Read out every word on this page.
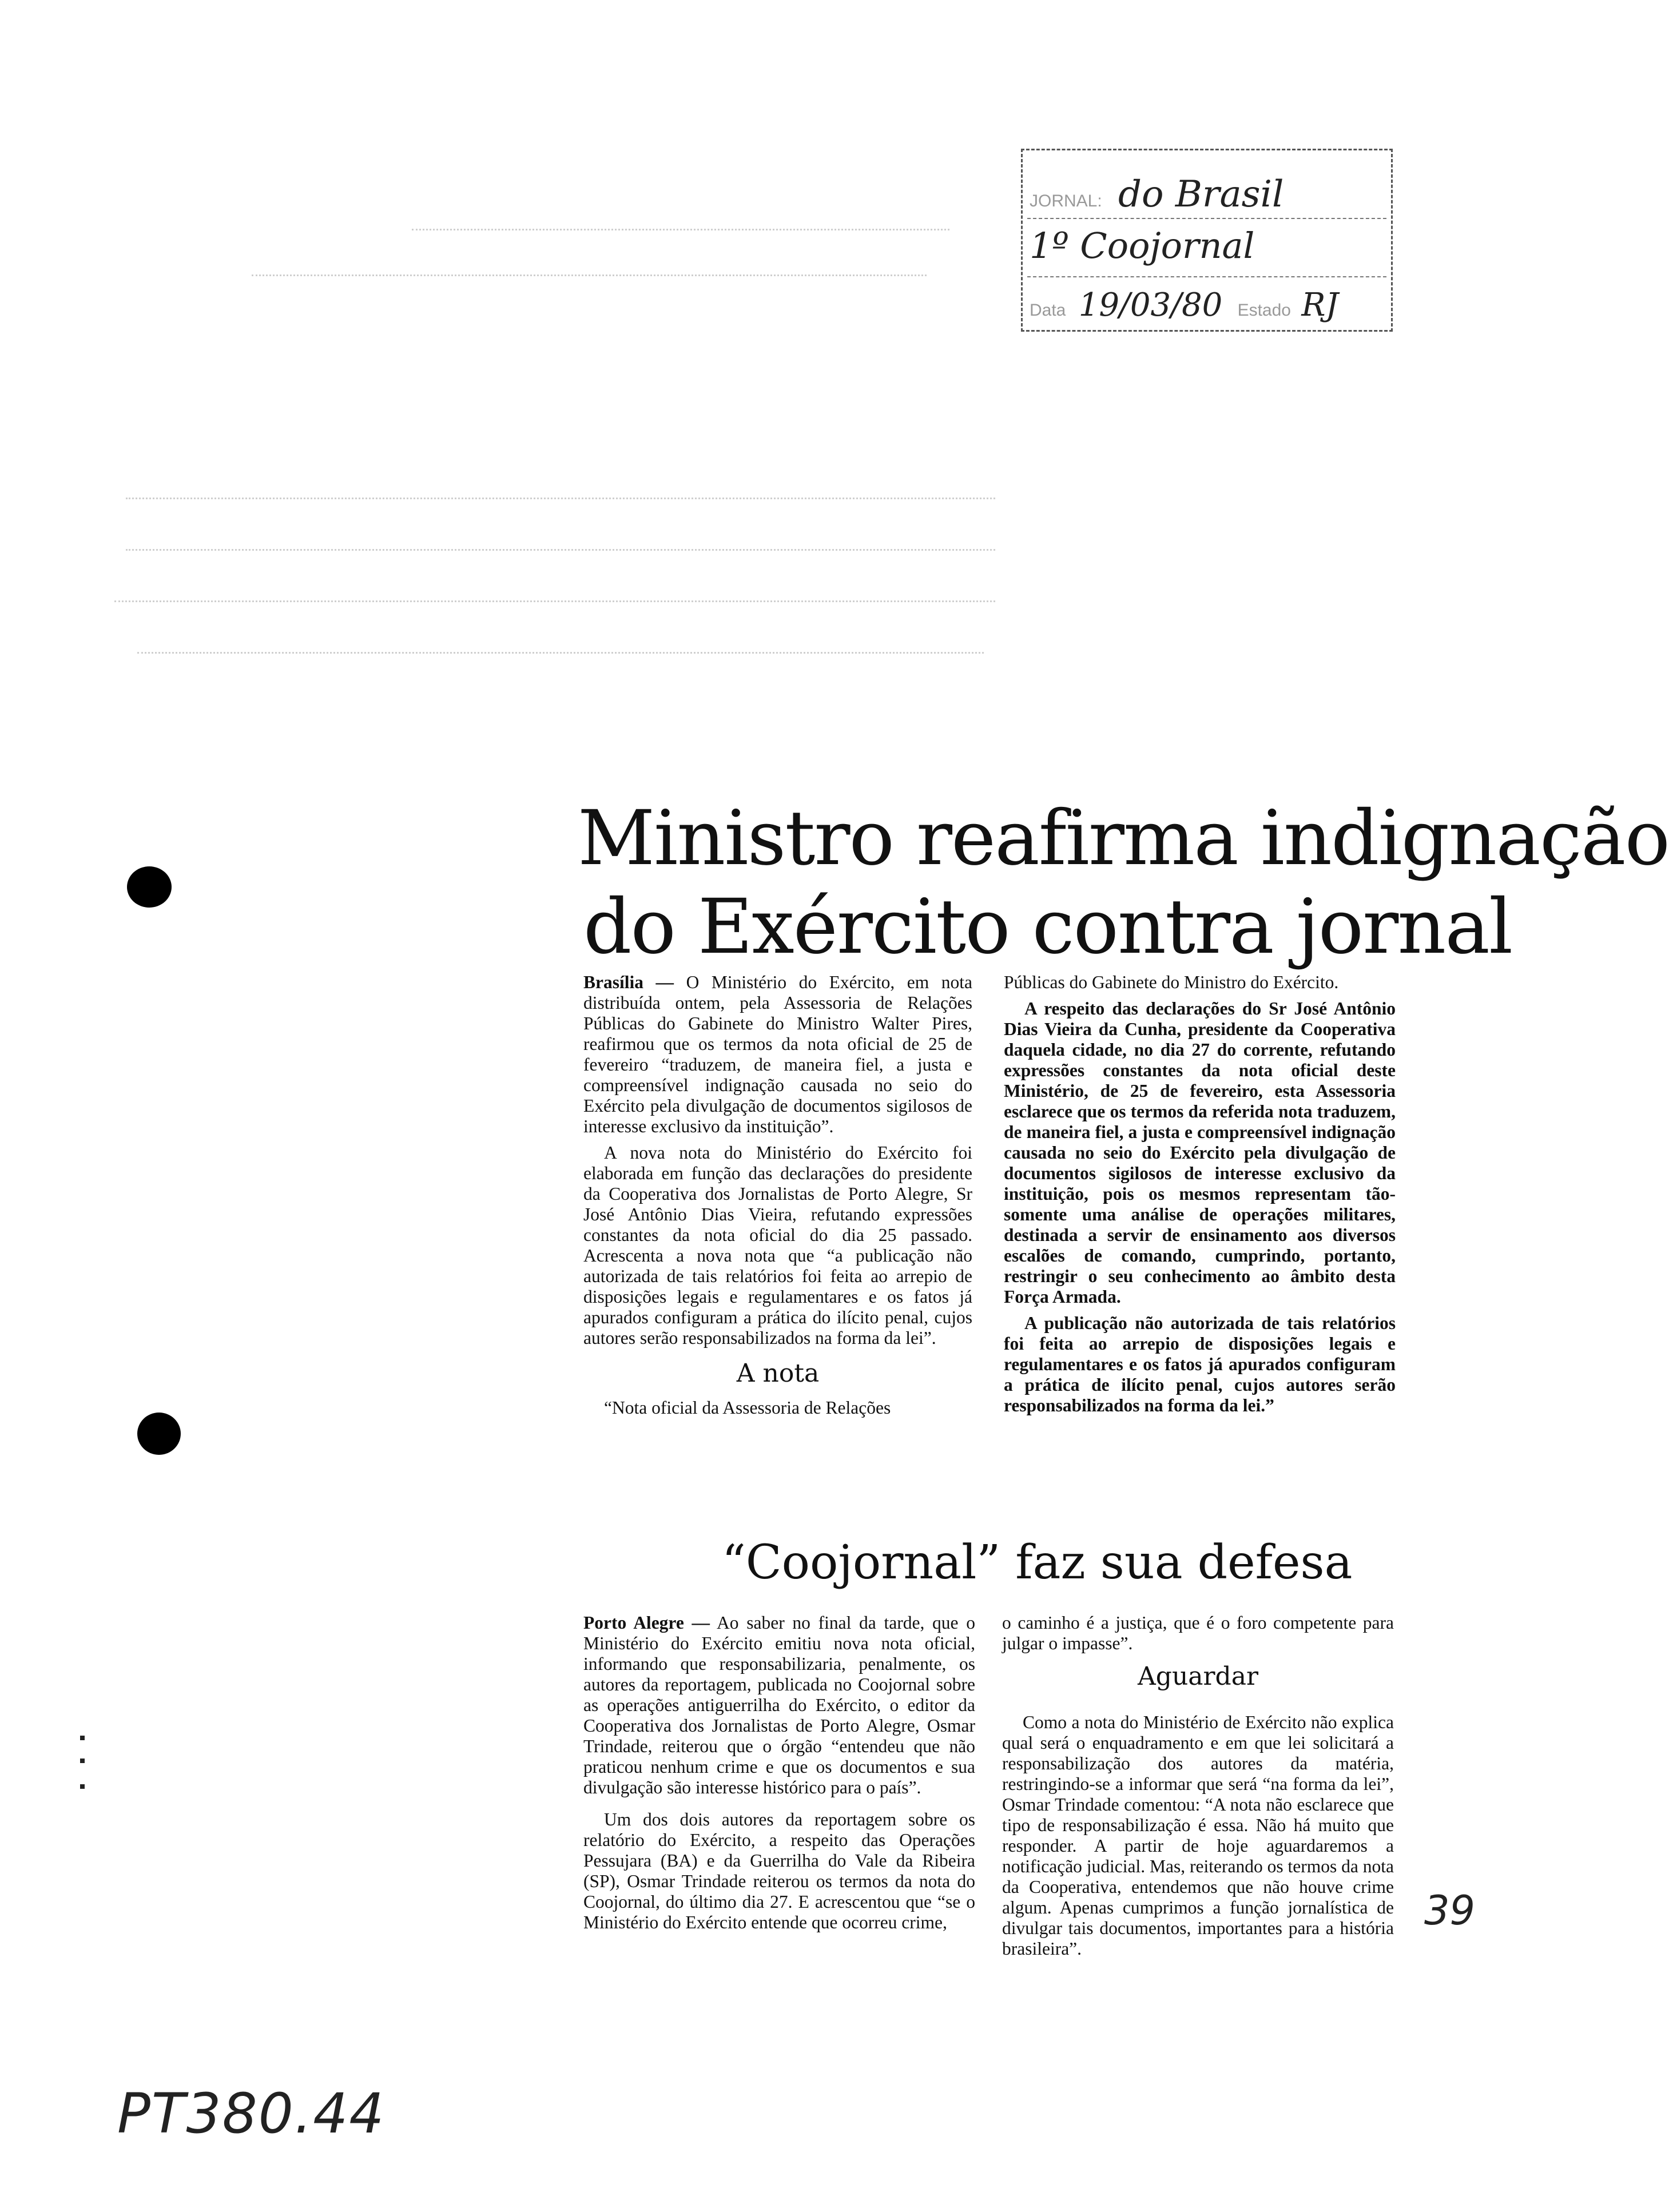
JORNAL: do Brasil
1º Coojornal
Data 19/03/80 Estado RJ
Ministro reafirma indignação
do Exército contra jornal

Brasília — O Ministério do Exército, em nota distribuída ontem, pela Assessoria de Relações Públicas do Gabinete do Ministro Walter Pires, reafirmou que os termos da nota oficial de 25 de fevereiro “traduzem, de maneira fiel, a justa e compreensível indignação causada no seio do Exército pela divulgação de documentos sigilosos de interesse exclusivo da instituição”.

A nova nota do Ministério do Exército foi elaborada em função das declarações do presidente da Cooperativa dos Jornalistas de Porto Alegre, Sr José Antônio Dias Vieira, refutando expressões constantes da nota oficial do dia 25 passado. Acrescenta a nova nota que “a publicação não autorizada de tais relatórios foi feita ao arrepio de disposições legais e regulamentares e os fatos já apurados configuram a prática do ilícito penal, cujos autores serão responsabilizados na forma da lei”.

A nota

“Nota oficial da Assessoria de Relações

Públicas do Gabinete do Ministro do Exército.

A respeito das declarações do Sr José Antônio Dias Vieira da Cunha, presidente da Cooperativa daquela cidade, no dia 27 do corrente, refutando expressões constantes da nota oficial deste Ministério, de 25 de fevereiro, esta Assessoria esclarece que os termos da referida nota traduzem, de maneira fiel, a justa e compreensível indignação causada no seio do Exército pela divulgação de documentos sigilosos de interesse exclusivo da instituição, pois os mesmos representam tão-somente uma análise de operações militares, destinada a servir de ensinamento aos diversos escalões de comando, cumprindo, portanto, restringir o seu conhecimento ao âmbito desta Força Armada.

A publicação não autorizada de tais relatórios foi feita ao arrepio de disposições legais e regulamentares e os fatos já apurados configuram a prática de ilícito penal, cujos autores serão responsabilizados na forma da lei.”

“Coojornal” faz sua defesa

Porto Alegre — Ao saber no final da tarde, que o Ministério do Exército emitiu nova nota oficial, informando que responsabilizaria, penalmente, os autores da reportagem, publicada no Coojornal sobre as operações antiguerrilha do Exército, o editor da Cooperativa dos Jornalistas de Porto Alegre, Osmar Trindade, reiterou que o órgão “entendeu que não praticou nenhum crime e que os documentos e sua divulgação são interesse histórico para o país”.

Um dos dois autores da reportagem sobre os relatório do Exército, a respeito das Operações Pessujara (BA) e da Guerrilha do Vale da Ribeira (SP), Osmar Trindade reiterou os termos da nota do Coojornal, do último dia 27. E acrescentou que “se o Ministério do Exército entende que ocorreu crime,

o caminho é a justiça, que é o foro competente para julgar o impasse”.

Aguardar

Como a nota do Ministério de Exército não explica qual será o enquadramento e em que lei solicitará a responsabilização dos autores da matéria, restringindo-se a informar que será “na forma da lei”, Osmar Trindade comentou: “A nota não esclarece que tipo de responsabilização é essa. Não há muito que responder. A partir de hoje aguardaremos a notificação judicial. Mas, reiterando os termos da nota da Cooperativa, entendemos que não houve crime algum. Apenas cumprimos a função jornalística de divulgar tais documentos, importantes para a história brasileira”.

39
PT380.44
